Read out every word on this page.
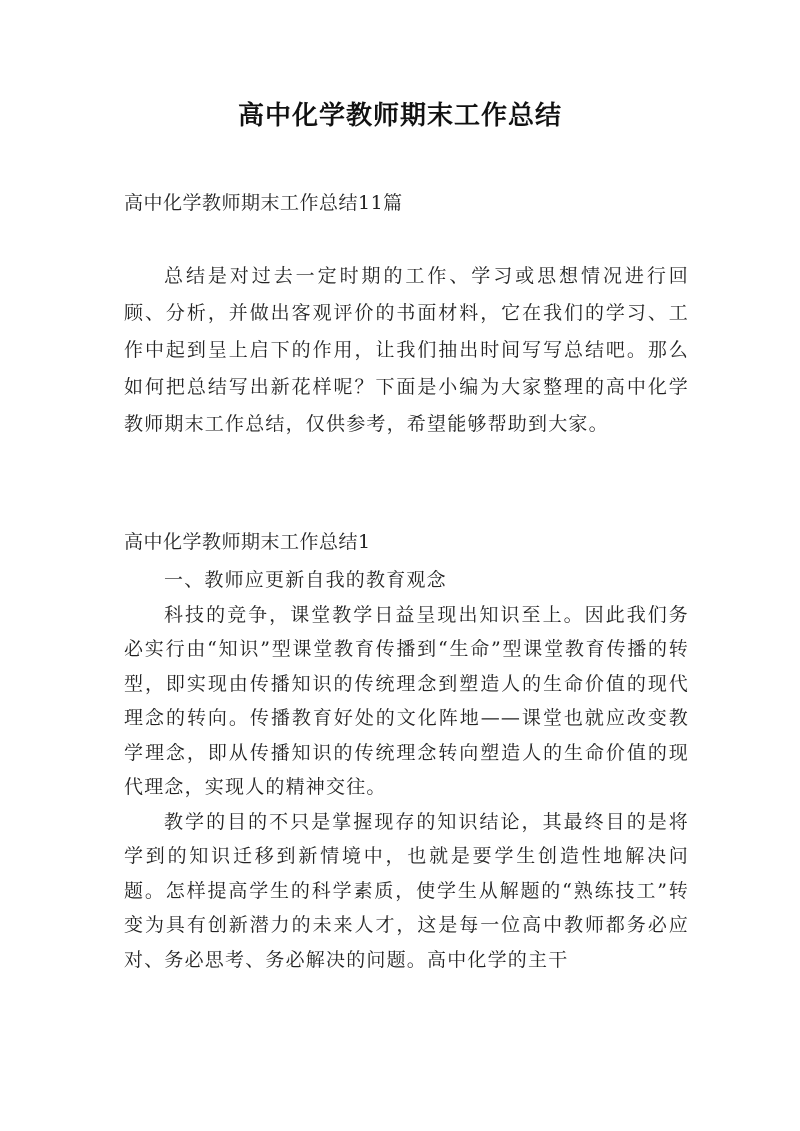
高中化学教师期末工作总结
高中化学教师期末工作总结11篇
总结是对过去一定时期的工作、学习或思想情况进行回顾、分析，并做出客观评价的书面材料，它在我们的学习、工作中起到呈上启下的作用，让我们抽出时间写写总结吧。那么如何把总结写出新花样呢？下面是小编为大家整理的高中化学教师期末工作总结，仅供参考，希望能够帮助到大家。
高中化学教师期末工作总结1

一、教师应更新自我的教育观念

科技的竞争，课堂教学日益呈现出知识至上。因此我们务必实行由“知识”型课堂教育传播到“生命”型课堂教育传播的转型，即实现由传播知识的传统理念到塑造人的生命价值的现代理念的转向。传播教育好处的文化阵地——课堂也就应改变教学理念，即从传播知识的传统理念转向塑造人的生命价值的现代理念，实现人的精神交往。

教学的目的不只是掌握现存的知识结论，其最终目的是将学到的知识迁移到新情境中，也就是要学生创造性地解决问题。怎样提高学生的科学素质，使学生从解题的“熟练技工”转变为具有创新潜力的未来人才，这是每一位高中教师都务必应对、务必思考、务必解决的问题。高中化学的主干
